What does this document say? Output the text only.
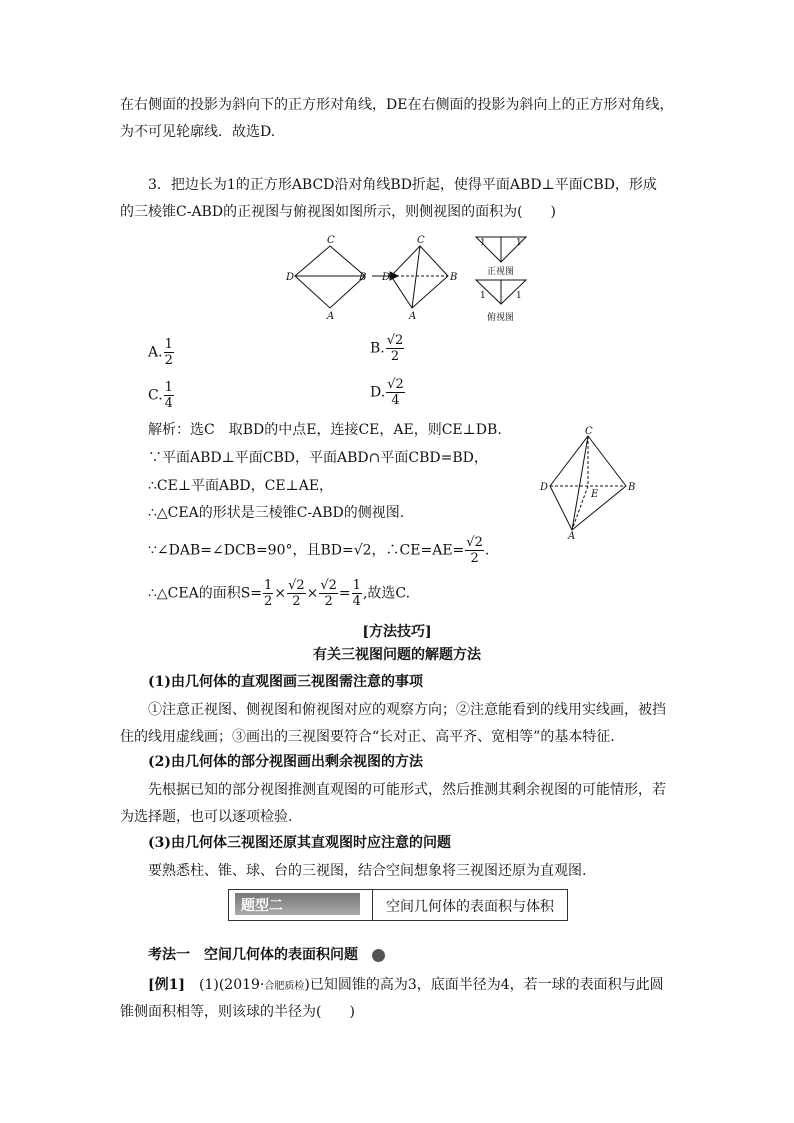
在右侧面的投影为斜向下的正方形对角线，DE在右侧面的投影为斜向上的正方形对角线，
为不可见轮廓线．故选D.
3．把边长为1的正方形ABCD沿对角线BD折起，使得平面ABD⊥平面CBD，形成
的三棱锥C-ABD的正视图与俯视图如图所示，则侧视图的面积为(　　)
C
D	B
A
C
D	B
A
1	1
1	1
正视图
俯视图
A. $\frac{1}{2}$	B. $\frac{√2}{2}$
C. $\frac{1}{4}$	D. $\frac{√2}{4}$
解析：选C　取BD的中点E，连接CE，AE，则CE⊥DB.
∵平面ABD⊥平面CBD，平面ABD∩平面CBD=BD，
∴CE⊥平面ABD，CE⊥AE，
∴△CEA的形状是三棱锥C-ABD的侧视图.
∵∠DAB=∠DCB=90°，且BD=√2，∴CE=AE= $\frac{√2}{2}$ .
∴△CEA的面积$S= \frac{1}{2} \times \frac{√2}{2} \times \frac{√2}{2} = \frac{1}{4}$ ,故选C.
C
D
E
B
A
[方法技巧]
有关三视图问题的解题方法
(1)由几何体的直观图画三视图需注意的事项
①注意正视图、侧视图和俯视图对应的观察方向；②注意能看到的线用实线画，被挡
住的线用虚线画；③画出的三视图要符合“长对正、高平齐、宽相等”的基本特征.
(2)由几何体的部分视图画出剩余视图的方法
先根据已知的部分视图推测直观图的可能形式，然后推测其剩余视图的可能情形，若
为选择题，也可以逐项检验.
(3)由几何体三视图还原其直观图时应注意的问题
要熟悉柱、锥、球、台的三视图，结合空间想象将三视图还原为直观图.
题型二	空间几何体的表面积与体积
考法一　空间几何体的表面积问题
[例1]　 (1)(2019·合肥质检)已知圆锥的高为3，底面半径为4，若一球的表面积与此圆
锥侧面积相等，则该球的半径为(　　)
